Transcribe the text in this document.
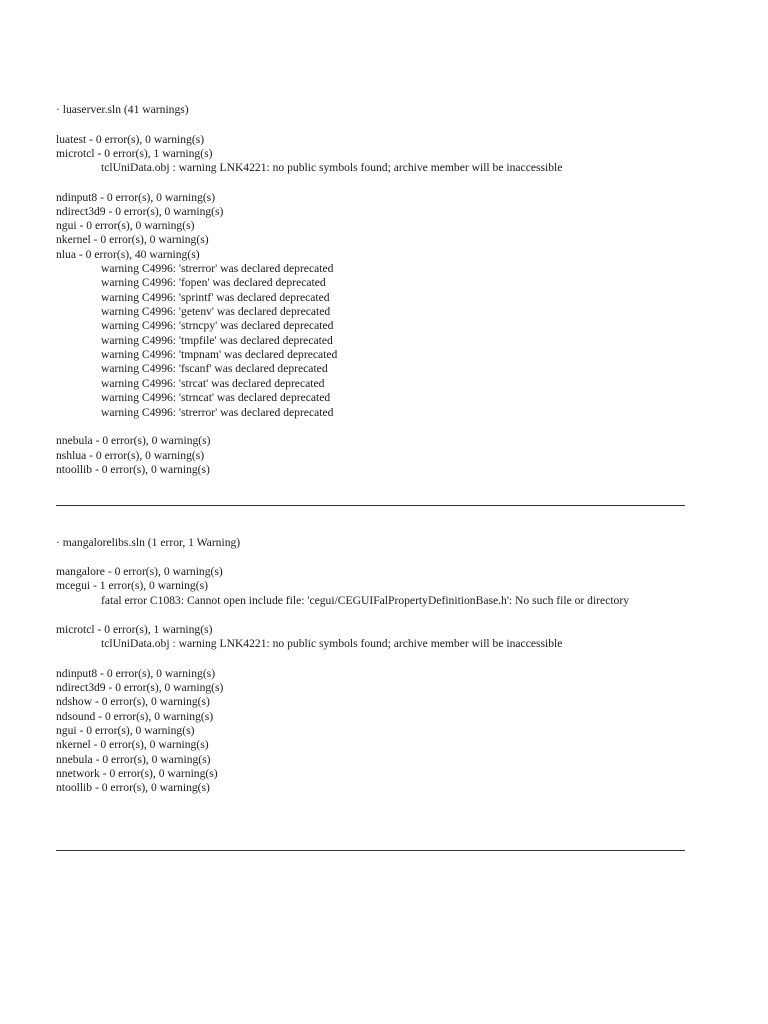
· luaserver.sln (41 warnings)
luatest - 0 error(s), 0 warning(s)
microtcl - 0 error(s), 1 warning(s)
tclUniData.obj : warning LNK4221: no public symbols found; archive member will be inaccessible
ndinput8 - 0 error(s), 0 warning(s)
ndirect3d9 - 0 error(s), 0 warning(s)
ngui - 0 error(s), 0 warning(s)
nkernel - 0 error(s), 0 warning(s)
nlua - 0 error(s), 40 warning(s)
warning C4996: 'strerror' was declared deprecated
warning C4996: 'fopen' was declared deprecated
warning C4996: 'sprintf' was declared deprecated
warning C4996: 'getenv' was declared deprecated
warning C4996: 'strncpy' was declared deprecated
warning C4996: 'tmpfile' was declared deprecated
warning C4996: 'tmpnam' was declared deprecated
warning C4996: 'fscanf' was declared deprecated
warning C4996: 'strcat' was declared deprecated
warning C4996: 'strncat' was declared deprecated
warning C4996: 'strerror' was declared deprecated
nnebula - 0 error(s), 0 warning(s)
nshlua - 0 error(s), 0 warning(s)
ntoollib - 0 error(s), 0 warning(s)
· mangalorelibs.sln (1 error, 1 Warning)
mangalore - 0 error(s), 0 warning(s)
mcegui - 1 error(s), 0 warning(s)
fatal error C1083: Cannot open include file: 'cegui/CEGUIFalPropertyDefinitionBase.h': No such file or directory
microtcl - 0 error(s), 1 warning(s)
tclUniData.obj : warning LNK4221: no public symbols found; archive member will be inaccessible
ndinput8 - 0 error(s), 0 warning(s)
ndirect3d9 - 0 error(s), 0 warning(s)
ndshow - 0 error(s), 0 warning(s)
ndsound - 0 error(s), 0 warning(s)
ngui - 0 error(s), 0 warning(s)
nkernel - 0 error(s), 0 warning(s)
nnebula - 0 error(s), 0 warning(s)
nnetwork - 0 error(s), 0 warning(s)
ntoollib - 0 error(s), 0 warning(s)
